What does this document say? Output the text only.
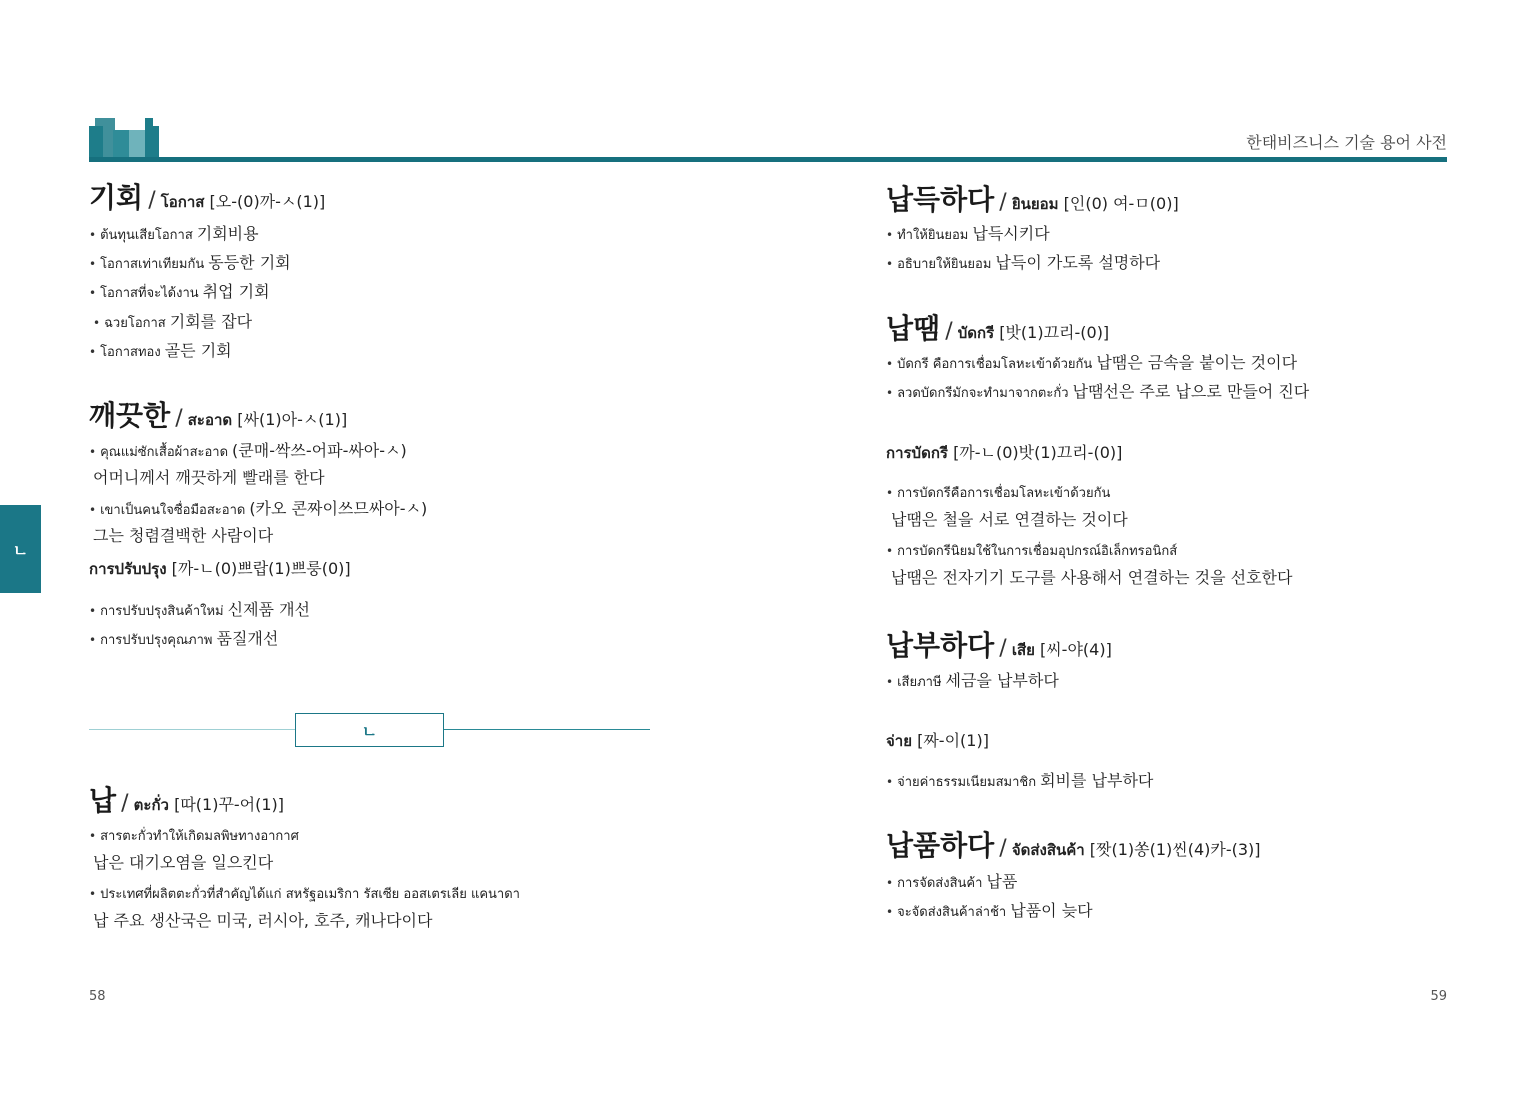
한태비즈니스 기술 용어 사전
ㄴ
기회 / โอกาส [오-(0)까-ㅅ(1)]
• ต้นทุนเสียโอกาส 기회비용
• โอกาสเท่าเทียมกัน 동등한 기회
• โอกาสที่จะได้งาน 취업 기회
• ฉวยโอกาส 기회를 잡다
• โอกาสทอง 골든 기회
깨끗한 / สะอาด [싸(1)아-ㅅ(1)]
• คุณแม่ซักเสื้อผ้าสะอาด (쿤매-싹쓰-어파-싸아-ㅅ)
어머니께서 깨끗하게 빨래를 한다
• เขาเป็นคนใจซื่อมือสะอาด (카오 콘짜이쓰므싸아-ㅅ)
그는 청렴결백한 사람이다
การปรับปรุง [까-ㄴ(0)쁘랍(1)쁘룽(0)]
• การปรับปรุงสินค้าใหม่ 신제품 개선
• การปรับปรุงคุณภาพ 품질개선
ㄴ
납 / ตะกั่ว [따(1)꾸-어(1)]
• สารตะกั่วทำให้เกิดมลพิษทางอากาศ
납은 대기오염을 일으킨다
• ประเทศที่ผลิตตะกั่วที่สำคัญได้แก่ สหรัฐอเมริกา รัสเซีย ออสเตรเลีย แคนาดา
납 주요 생산국은 미국, 러시아, 호주, 캐나다이다
58
납득하다 / ยินยอม [인(0) 여-ㅁ(0)]
• ทำให้ยินยอม 납득시키다
• อธิบายให้ยินยอม 납득이 가도록 설명하다
납땜 / บัดกรี [밧(1)끄리-(0)]
• บัดกรี คือการเชื่อมโลหะเข้าด้วยกัน 납땜은 금속을 붙이는 것이다
• ลวดบัดกรีมักจะทำมาจากตะกั่ว 납땜선은 주로 납으로 만들어 진다
การบัดกรี [까-ㄴ(0)밧(1)끄리-(0)]
• การบัดกรีคือการเชื่อมโลหะเข้าด้วยกัน
납땜은 철을 서로 연결하는 것이다
• การบัดกรีนิยมใช้ในการเชื่อมอุปกรณ์อิเล็กทรอนิกส์
납땜은 전자기기 도구를 사용해서 연결하는 것을 선호한다
납부하다 / เสีย [씨-야(4)]
• เสียภาษี 세금을 납부하다
จ่าย [짜-이(1)]
• จ่ายค่าธรรมเนียมสมาชิก 회비를 납부하다
납품하다 / จัดส่งสินค้า [짯(1)쏭(1)씬(4)카-(3)]
• การจัดส่งสินค้า 납품
• จะจัดส่งสินค้าล่าช้า 납품이 늦다
59
